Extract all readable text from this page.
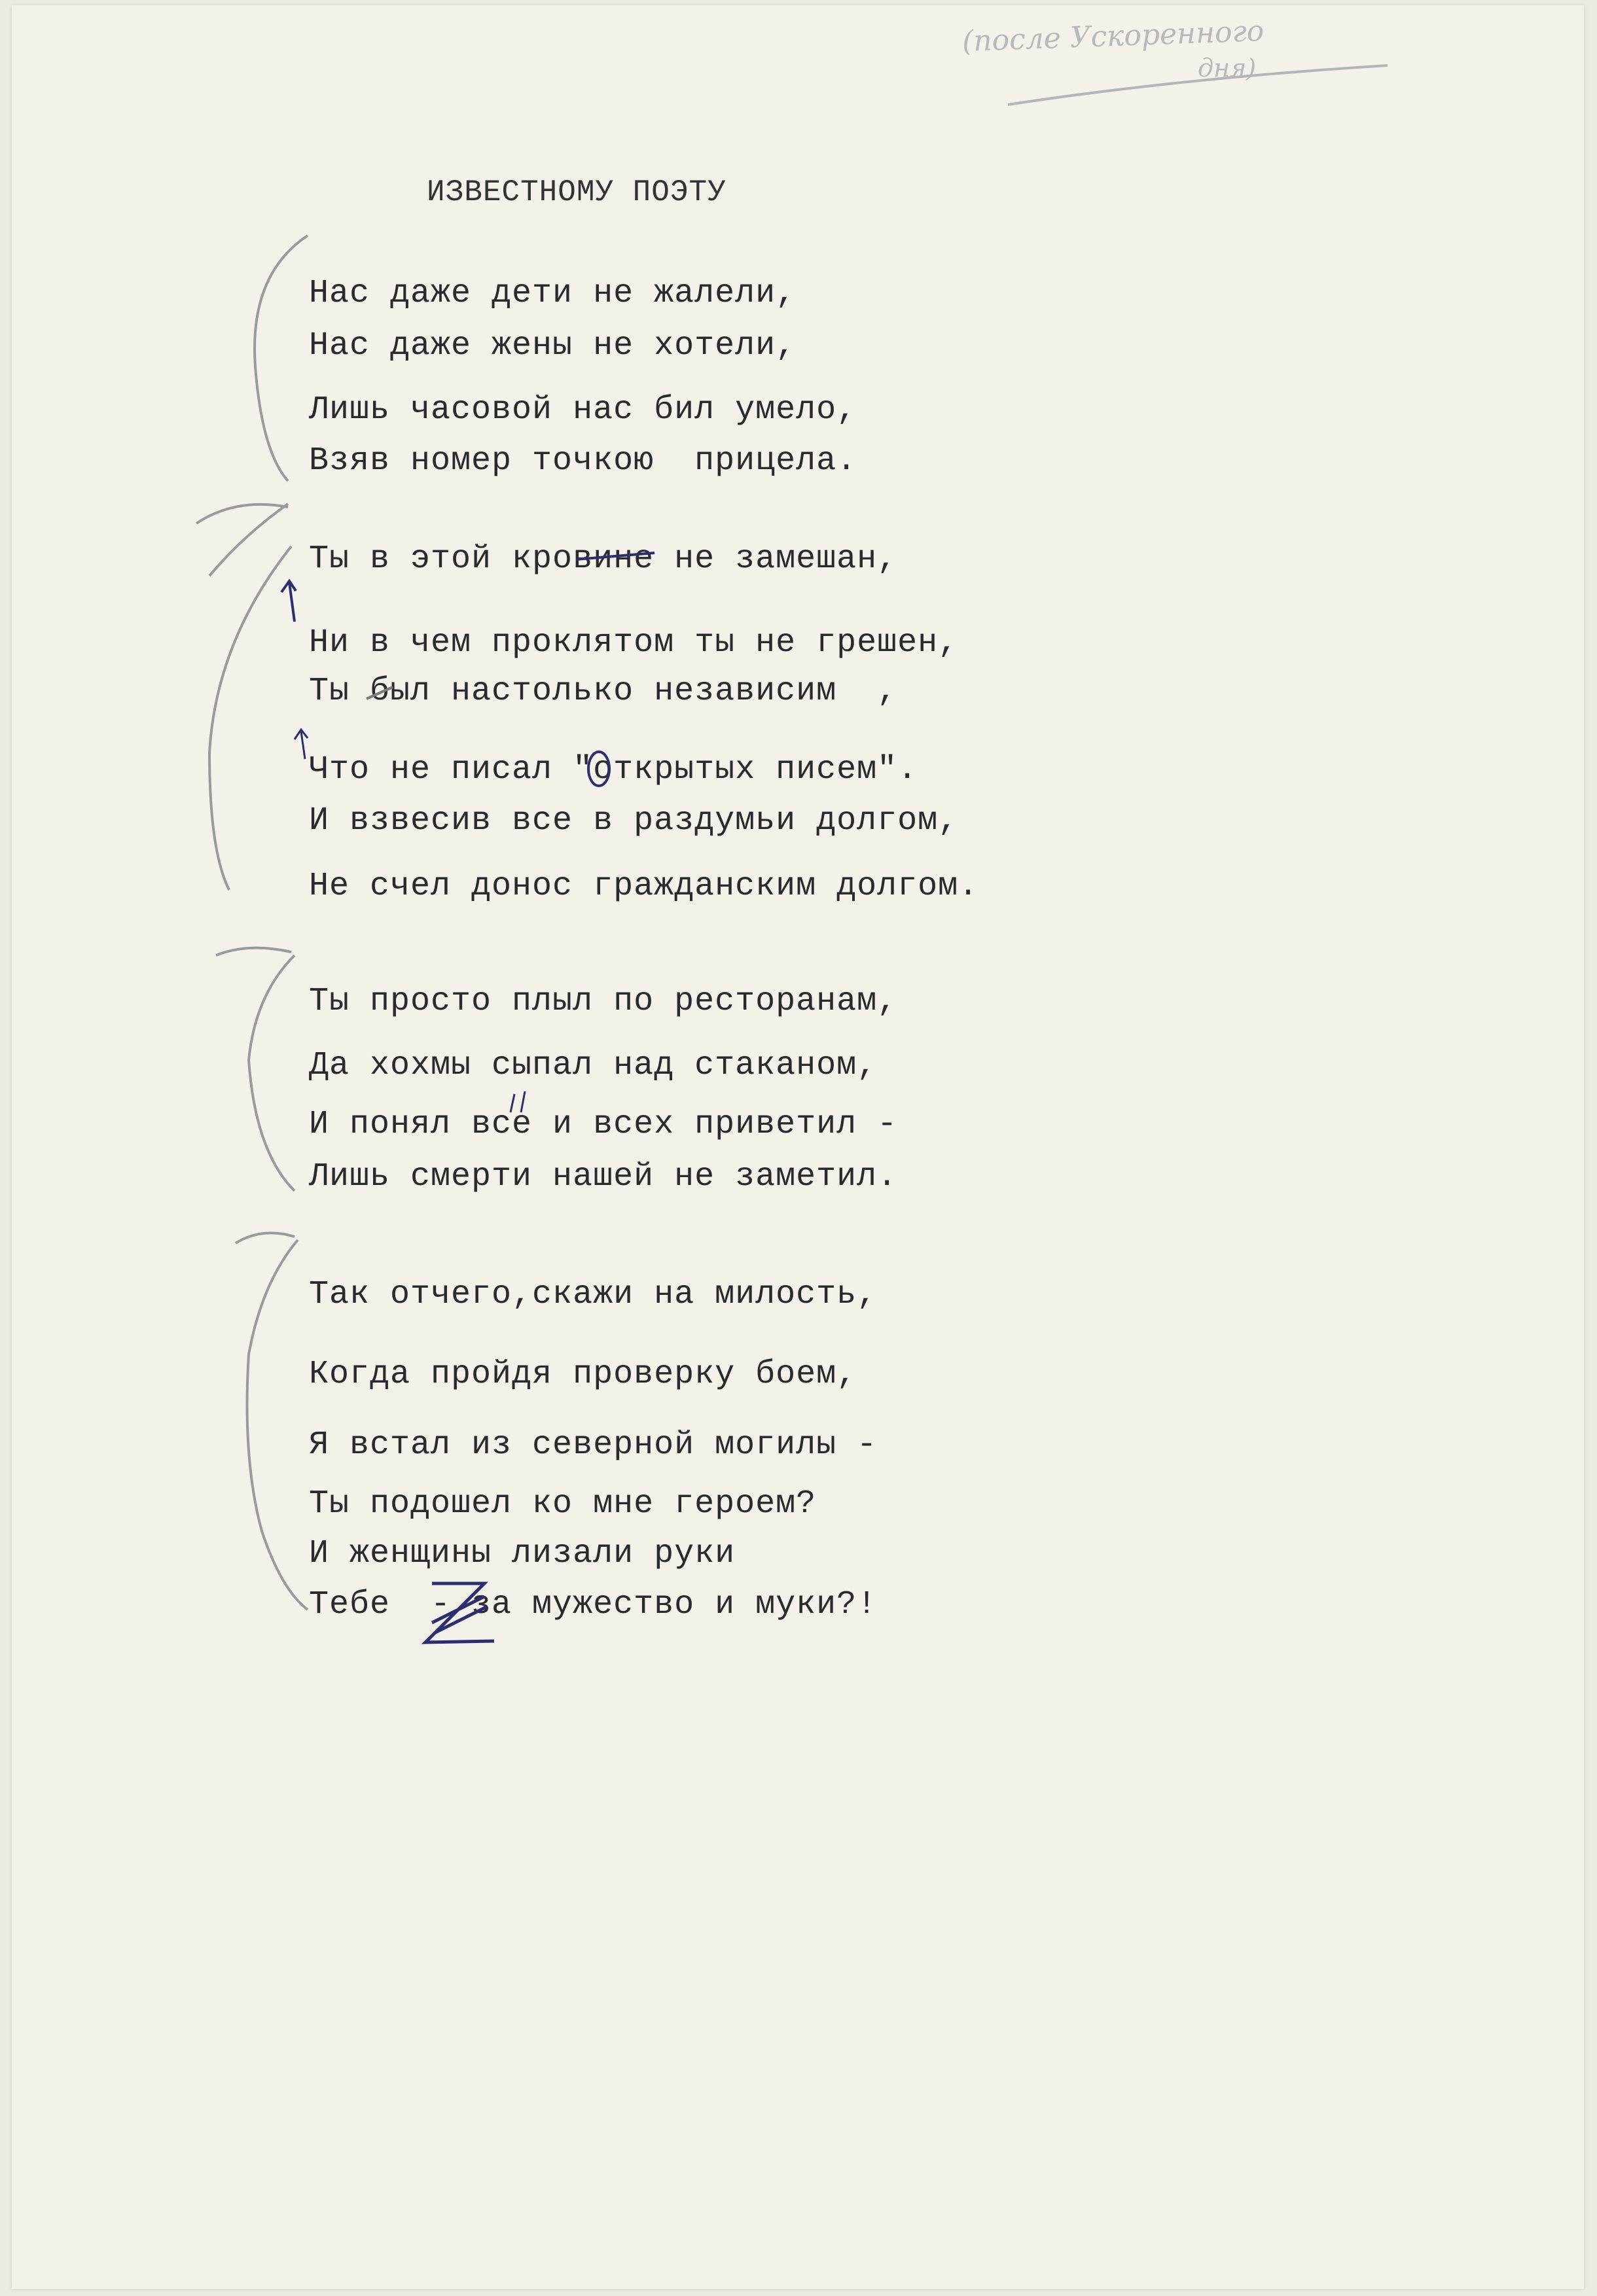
(после Ускоренного
дня)
ИЗВЕСТНОМУ ПОЭТУ
Нас даже дети не жалели,
Нас даже жены не хотели,
Лишь часовой нас бил умело,
Взяв номер точкою  прицела.
Ты в этой кровине не замешан,
Ни в чем проклятом ты не грешен,
Ты был настолько независим  ,
Что не писал "открытых писем".
И взвесив все в раздумьи долгом,
Не счел донос гражданским долгом.
Ты просто плыл по ресторанам,
Да хохмы сыпал над стаканом,
И понял все и всех приветил -
Лишь смерти нашей не заметил.
Так отчего,скажи на милость,
Когда пройдя проверку боем,
Я встал из северной могилы -
Ты подошел ко мне героем?
И женщины лизали руки
Тебе  - за мужество и муки?!
